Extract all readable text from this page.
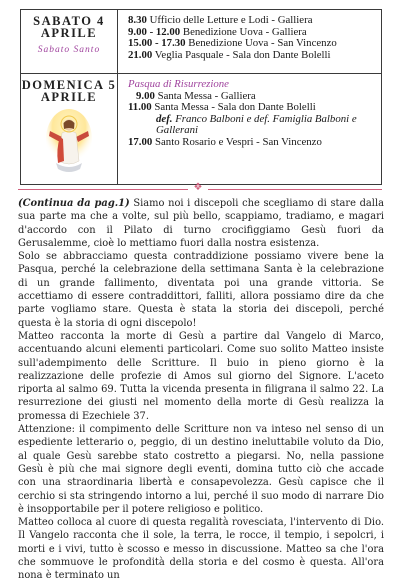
SABATO 4
APRILE
Sabato Santo
8.30 Ufficio delle Letture e Lodi - Galliera
9.00 - 12.00 Benedizione Uova - Galliera
15.00 - 17.30 Benedizione Uova - San Vincenzo
21.00 Veglia Pasquale - Sala don Dante Bolelli
DOMENICA 5
APRILE
Pasqua di Risurrezione
9.00 Santa Messa - Galliera
11.00 Santa Messa - Sala don Dante Bolelli
def. Franco Balboni e def. Famiglia Balboni e Gallerani
17.00 Santo Rosario e Vespri - San Vincenzo
❖

(Continua da pag.1) Siamo noi i discepoli che scegliamo di stare dalla sua parte ma che a volte, sul più bello, scappiamo, tradiamo, e magari d'accordo con il Pilato di turno crocifiggiamo Gesù fuori da Gerusalemme, cioè lo mettiamo fuori dalla nostra esistenza.

Solo se abbracciamo questa contraddizione possiamo vivere bene la Pasqua, perché la celebrazione della settimana Santa è la celebrazione di un grande fallimento, diventata poi una grande vittoria. Se accettiamo di essere contraddittori, falliti, allora possiamo dire da che parte vogliamo stare. Questa è stata la storia dei discepoli, perché questa è la storia di ogni discepolo!

Matteo racconta la morte di Gesù a partire dal Vangelo di Marco, accentuando alcuni elementi particolari. Come suo solito Matteo insiste sull'adempimento delle Scritture. Il buio in pieno giorno è la realizzazione delle profezie di Amos sul giorno del Signore. L'aceto riporta al salmo 69. Tutta la vicenda presenta in filigrana il salmo 22. La resurrezione dei giusti nel momento della morte di Gesù realizza la promessa di Ezechiele 37.

Attenzione: il compimento delle Scritture non va inteso nel senso di un espediente letterario o, peggio, di un destino ineluttabile voluto da Dio, al quale Gesù sarebbe stato costretto a piegarsi. No, nella passione Gesù è più che mai signore degli eventi, domina tutto ciò che accade con una straordinaria libertà e consapevolezza. Gesù capisce che il cerchio si sta stringendo intorno a lui, perché il suo modo di narrare Dio è insopportabile per il potere religioso e politico.

Matteo colloca al cuore di questa regalità rovesciata, l'intervento di Dio. Il Vangelo racconta che il sole, la terra, le rocce, il tempio, i sepolcri, i morti e i vivi, tutto è scosso e messo in discussione. Matteo sa che l'ora che sommuove le profondità della storia e del cosmo è questa. All'ora nona è terminato un
